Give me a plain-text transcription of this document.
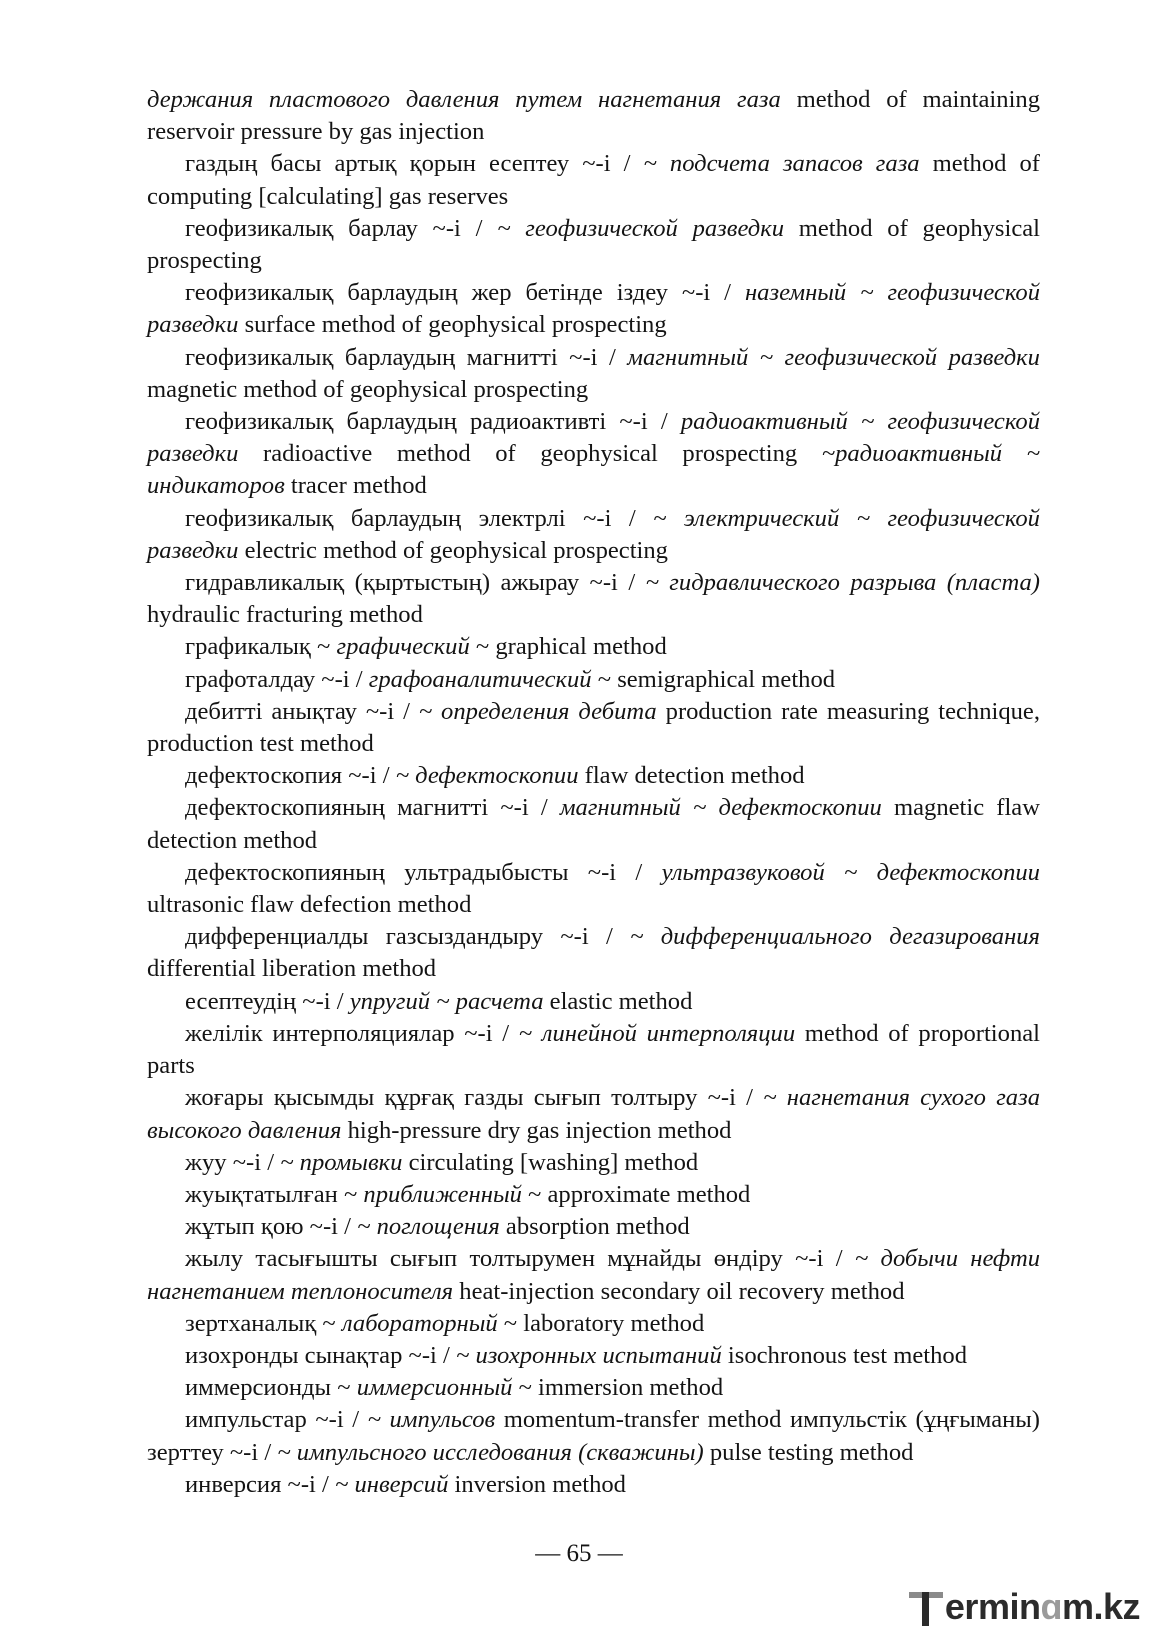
держания пластового давления путем нагнетания газа method of maintaining reservoir pressure by gas injection

газдың басы артық қорын есептеу ~-і / ~ подсчета запасов газа method of computing [calculating] gas reserves

геофизикалық барлау ~-і / ~ геофизической разведки method of geophysical prospecting

геофизикалық барлаудың жер бетінде іздеу ~-і / наземный ~ геофизической разведки surface method of geophysical prospecting

геофизикалық барлаудың магнитті ~-і / магнитный ~ геофизической разведки magnetic method of geophysical prospecting

геофизикалық барлаудың радиоактивті ~-і / радиоактивный ~ геофизической разведки radioactive method of geophysical prospecting ~радиоактивный ~ индикаторов tracer method

геофизикалық барлаудың электрлі ~-і / ~ электрический ~ геофизической разведки electric method of geophysical prospecting

гидравликалық (қыртыстың) ажырау ~-і / ~ гидравлического разрыва (пласта) hydraulic fracturing method

графикалық ~ графический ~ graphical method

графоталдау ~-і / графоаналитический ~ semigraphical method

дебитті анықтау ~-і / ~ определения дебита production rate measuring technique, production test method

дефектоскопия ~-і / ~ дефектоскопии flaw detection method

дефектоскопияның магнитті ~-і / магнитный ~ дефектоскопии magnetic flaw detection method

дефектоскопияның ультрадыбысты ~-і / ультразвуковой ~ дефектоскопии ultrasonic flaw defection method

дифференциалды газсыздандыру ~-і / ~ дифференциального дегазирования differential liberation method

есептеудің ~-і / упругий ~ расчета elastic method

желілік интерполяциялар ~-і / ~ линейной интерполяции method of proportional parts

жоғары қысымды құрғақ газды сығып толтыру ~-і / ~ нагнетания сухого газа высокого давления high-pressure dry gas injection method

жуу ~-і / ~ промывки circulating [washing] method

жуықтатылған ~ приближенный ~ approximate method

жұтып қою ~-і / ~ поглощения absorption method

жылу тасығышты сығып толтырумен мұнайды өндіру ~-і / ~ добычи нефти нагнетанием теплоносителя heat-injection secondary oil recovery method

зертханалық ~ лабораторный ~ laboratory method

изохронды сынақтар ~-і / ~ изохронных испытаний isochronous test method

иммерсионды ~ иммерсионный ~ immersion method

импульстар ~-і / ~ импульсов momentum-transfer method импульстік (ұңғыманы) зерттеу ~-і / ~ импульсного исследования (скважины) pulse testing method

инверсия ~-і / ~ инверсий inversion method

— 65 —
ermin ɑ m.kz
